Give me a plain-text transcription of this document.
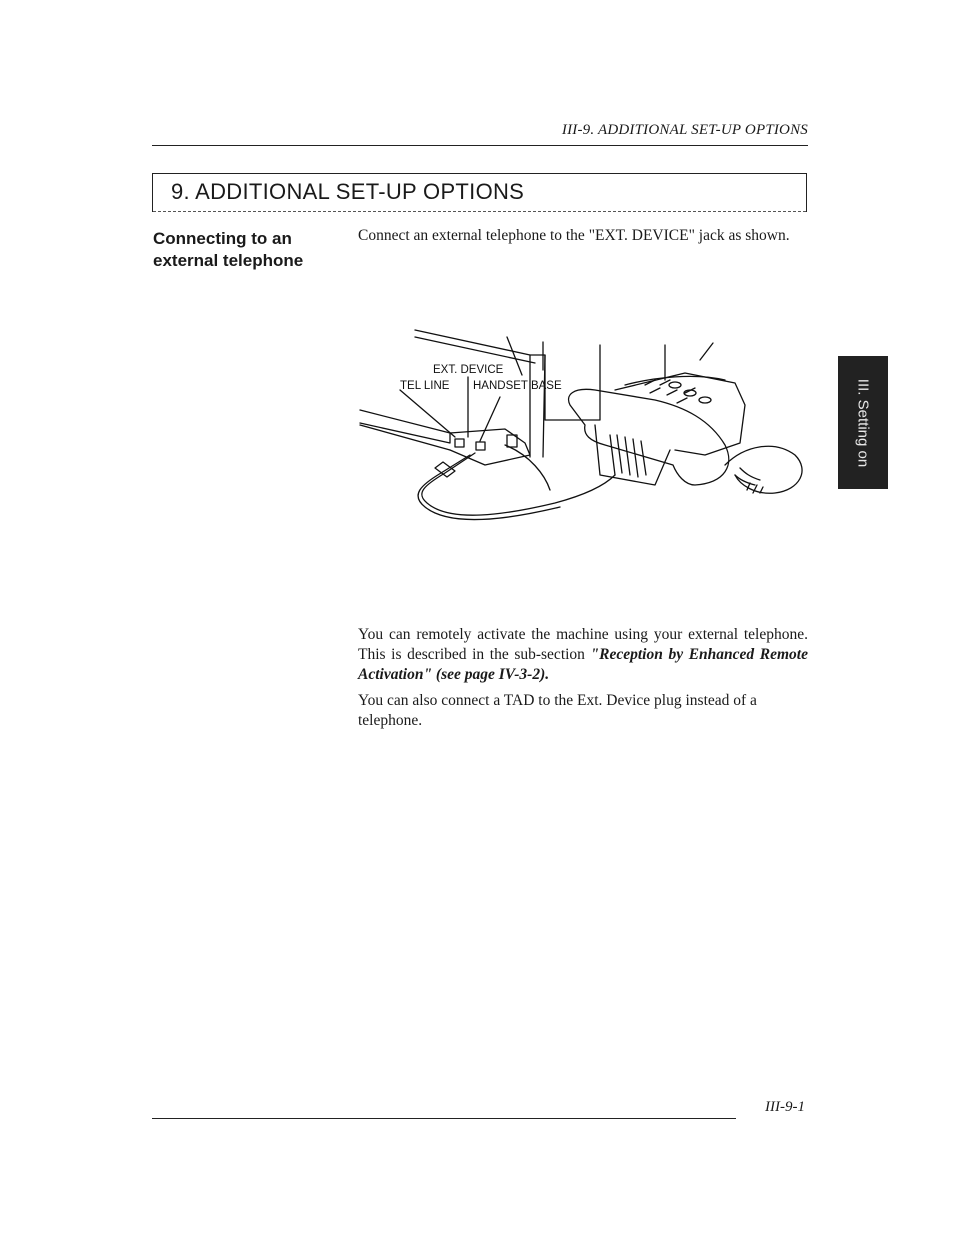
III-9. ADDITIONAL SET-UP OPTIONS
9. ADDITIONAL SET-UP OPTIONS
Connecting to an
external telephone
Connect an external telephone to the "EXT. DEVICE" jack as shown.
EXT. DEVICE
TEL LINE HANDSET BASE
You can remotely activate the machine using your external telephone. This is described in the sub-section "Reception by Enhanced Remote Activation" (see page IV-3-2).
You can also connect a TAD to the Ext. Device plug instead of a telephone.
III. Setting on
III-9-1
